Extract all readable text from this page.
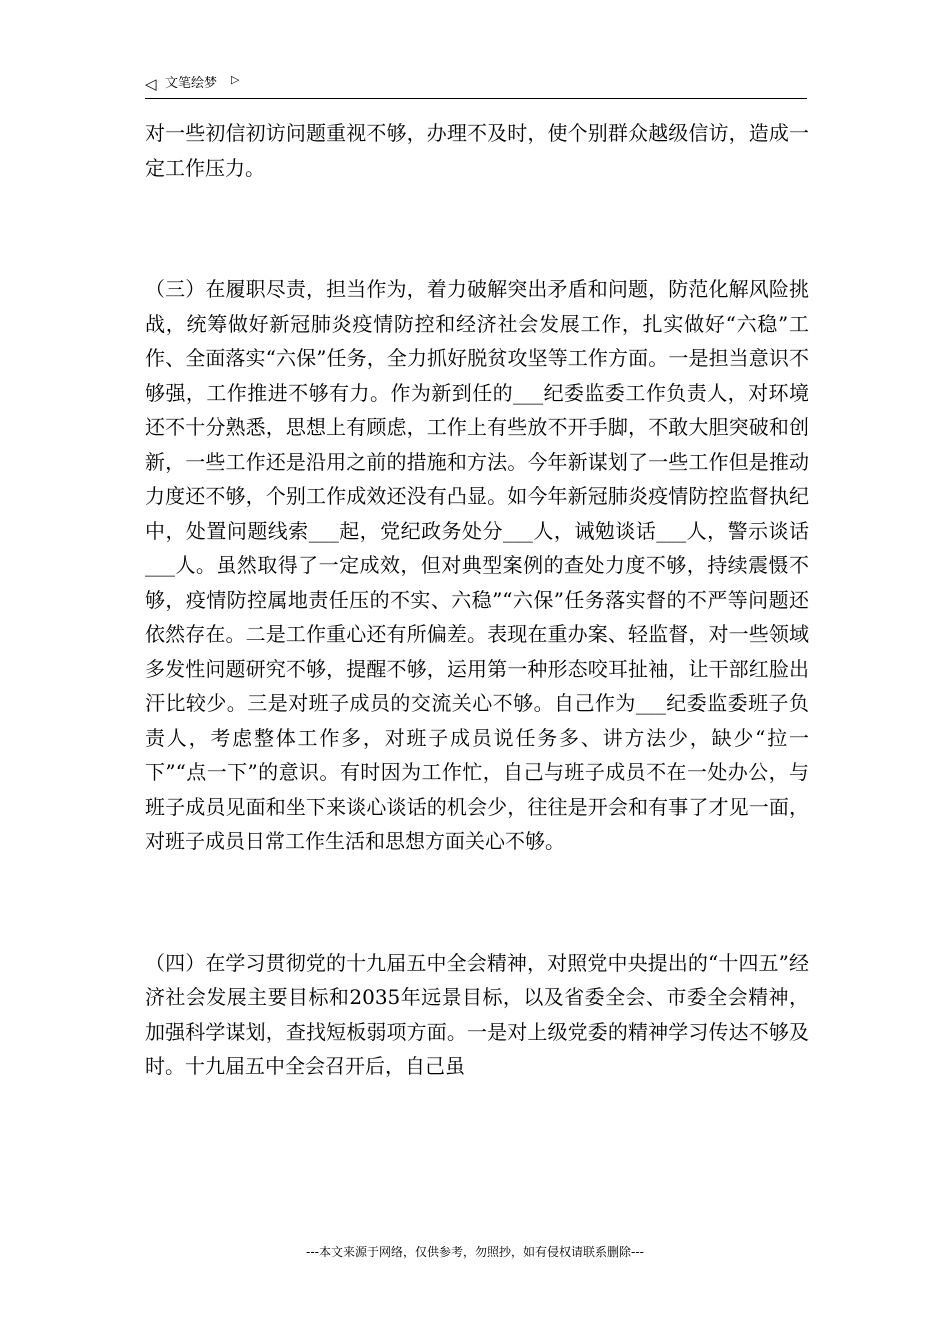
◁ 文笔绘梦 ▷

对一些初信初访问题重视不够，办理不及时，使个别群众越级信访，造成一定工作压力。

（三）在履职尽责，担当作为，着力破解突出矛盾和问题，防范化解风险挑战，统筹做好新冠肺炎疫情防控和经济社会发展工作，扎实做好“六稳”工作、全面落实“六保”任务，全力抓好脱贫攻坚等工作方面。一是担当意识不够强，工作推进不够有力。作为新到任的___纪委监委工作负责人，对环境还不十分熟悉，思想上有顾虑，工作上有些放不开手脚，不敢大胆突破和创新，一些工作还是沿用之前的措施和方法。今年新谋划了一些工作但是推动力度还不够，个别工作成效还没有凸显。如今年新冠肺炎疫情防控监督执纪中，处置问题线索___起，党纪政务处分___人，诫勉谈话___人，警示谈话___人。虽然取得了一定成效，但对典型案例的查处力度不够，持续震慑不够，疫情防控属地责任压的不实、六稳”“六保”任务落实督的不严等问题还依然存在。二是工作重心还有所偏差。表现在重办案、轻监督，对一些领域多发性问题研究不够，提醒不够，运用第一种形态咬耳扯袖，让干部红脸出汗比较少。三是对班子成员的交流关心不够。自己作为___纪委监委班子负责人，考虑整体工作多，对班子成员说任务多、讲方法少，缺少“拉一下”“点一下”的意识。有时因为工作忙，自己与班子成员不在一处办公，与班子成员见面和坐下来谈心谈话的机会少，往往是开会和有事了才见一面，对班子成员日常工作生活和思想方面关心不够。

（四）在学习贯彻党的十九届五中全会精神，对照党中央提出的“十四五”经济社会发展主要目标和2035年远景目标，以及省委全会、市委全会精神，加强科学谋划，查找短板弱项方面。一是对上级党委的精神学习传达不够及时。十九届五中全会召开后，自己虽

---本文来源于网络，仅供参考，勿照抄，如有侵权请联系删除---
